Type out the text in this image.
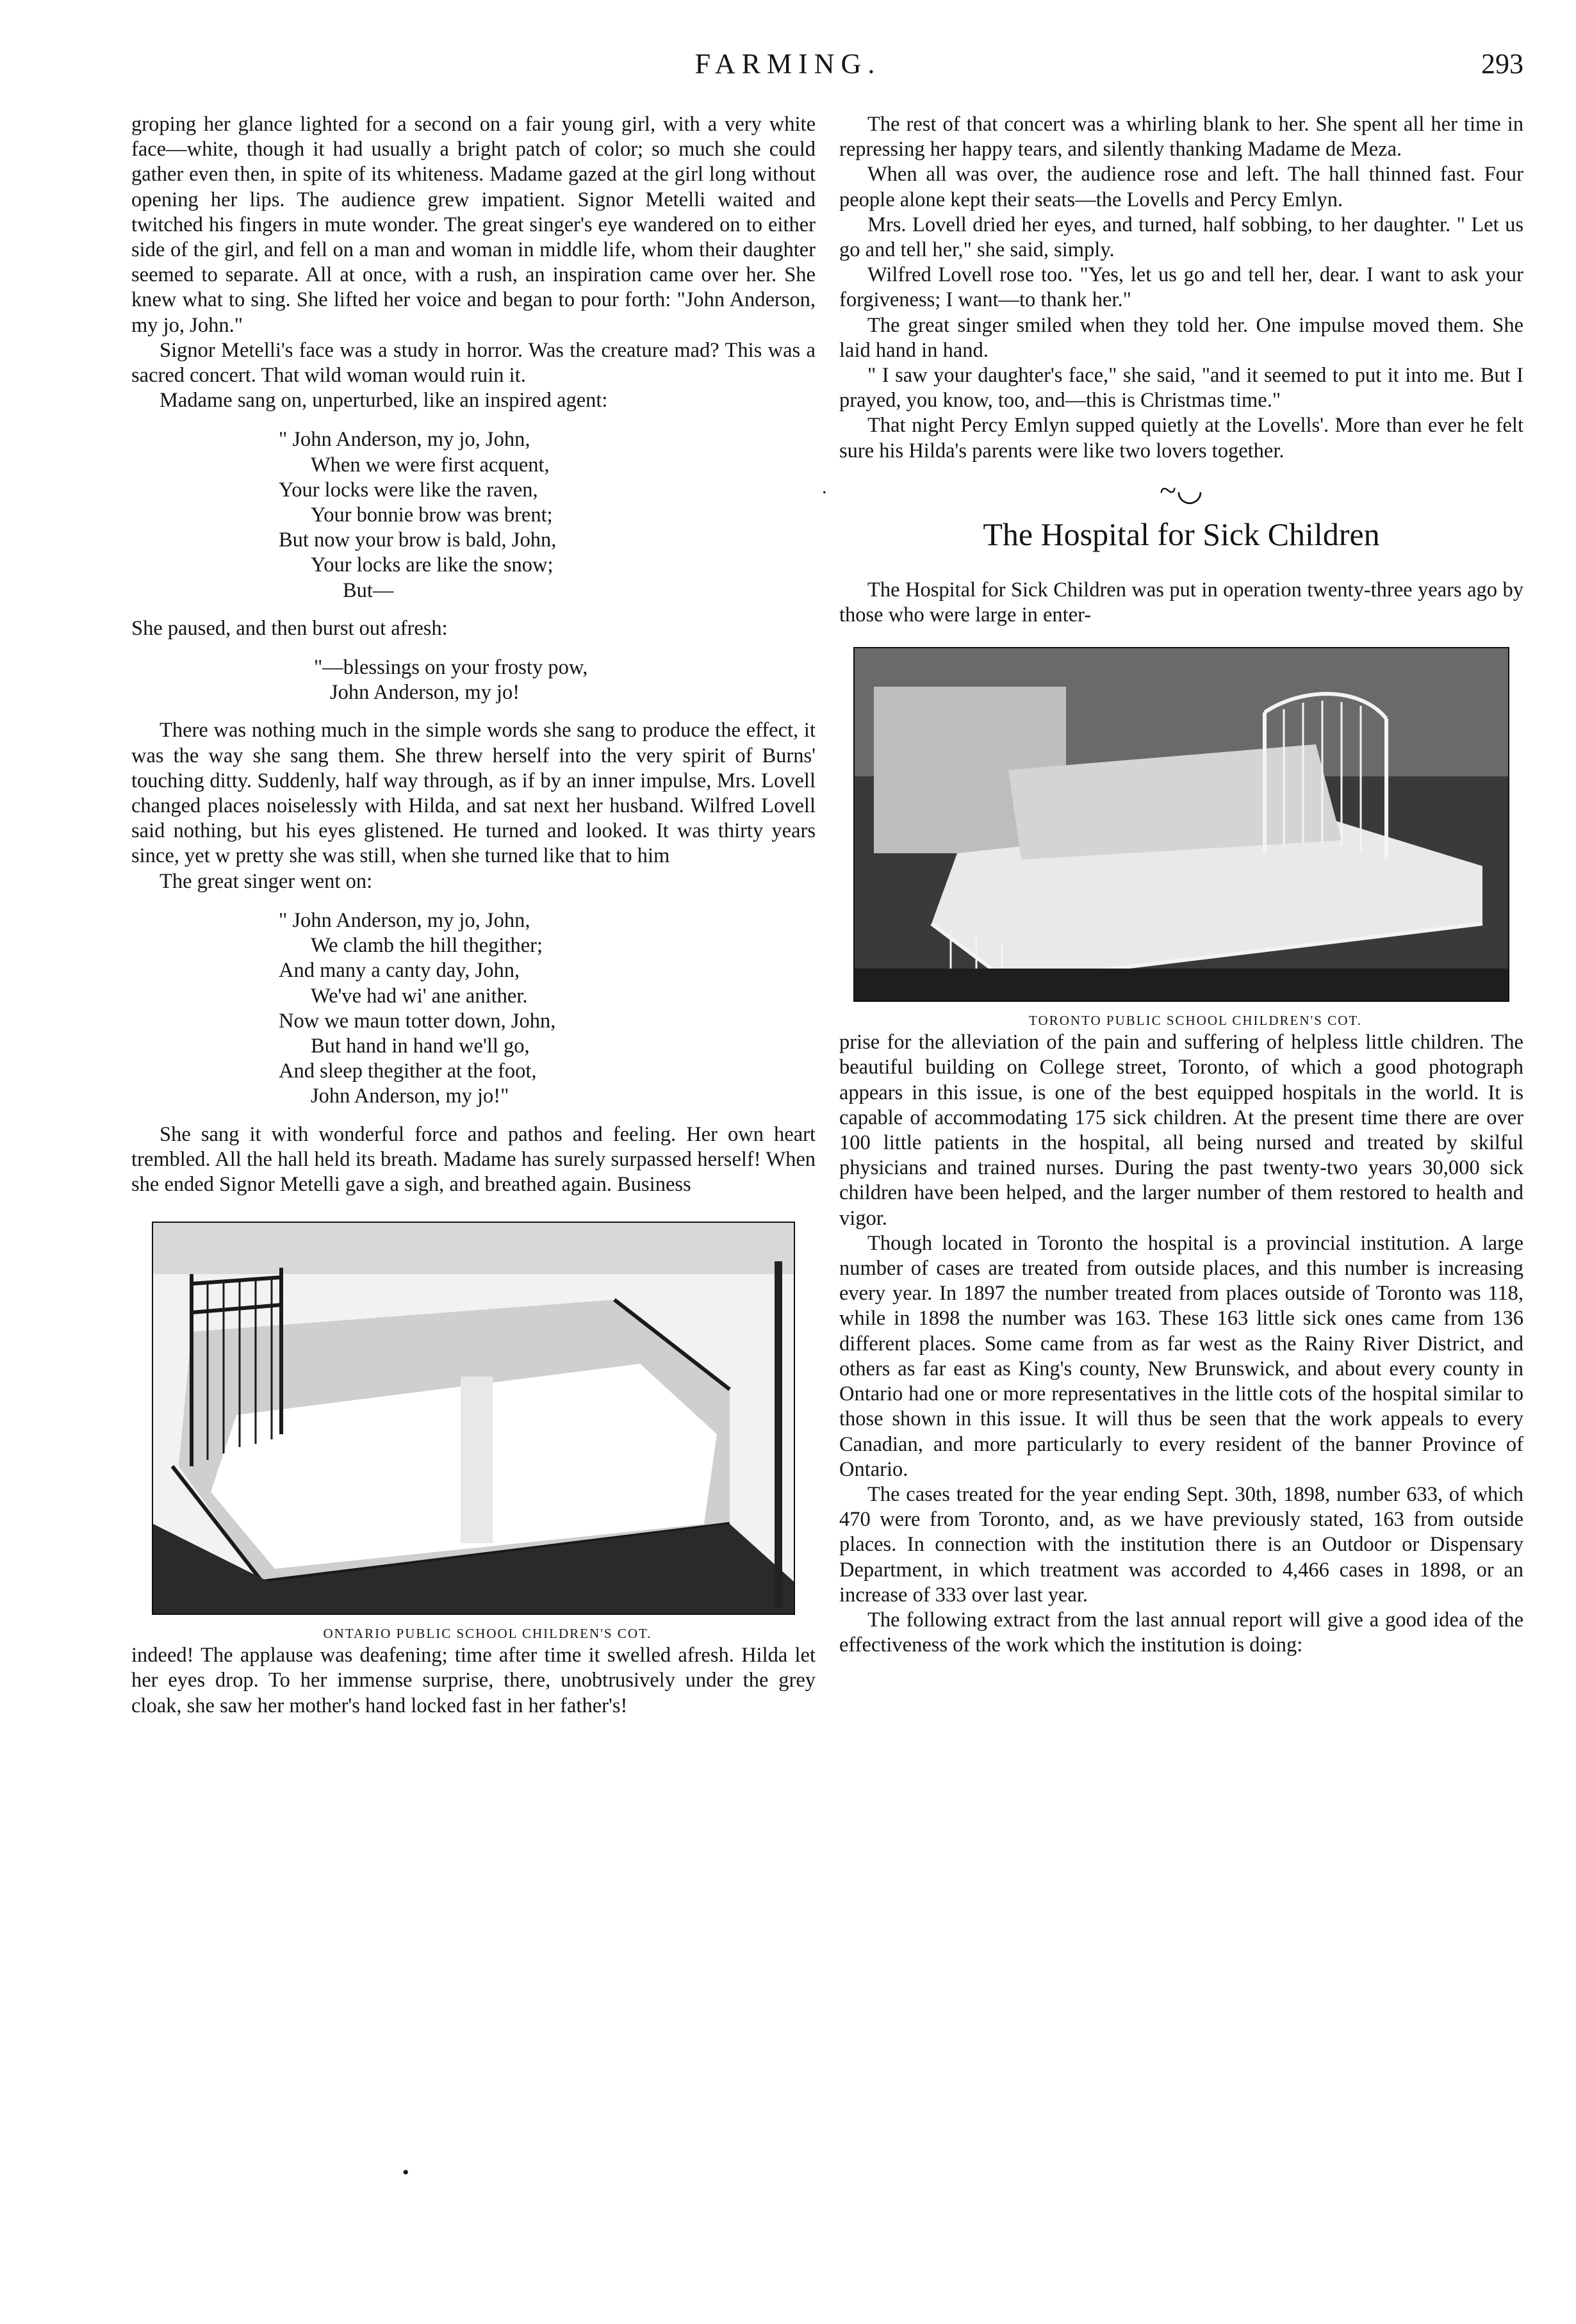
FARMING.	293

groping her glance lighted for a second on a fair young girl, with a very white face—white, though it had usually a bright patch of color; so much she could gather even then, in spite of its whiteness. Madame gazed at the girl long without opening her lips. The audience grew impatient. Signor Metelli waited and twitched his fingers in mute wonder. The great singer's eye wandered on to either side of the girl, and fell on a man and woman in middle life, whom their daughter seemed to separate. All at once, with a rush, an inspiration came over her. She knew what to sing. She lifted her voice and began to pour forth: "John Anderson, my jo, John."

Signor Metelli's face was a study in horror. Was the creature mad? This was a sacred concert. That wild woman would ruin it.

Madame sang on, unperturbed, like an inspired agent:

" John Anderson, my jo, John,
When we were first acquent,
Your locks were like the raven,
Your bonnie brow was brent;
But now your brow is bald, John,
Your locks are like the snow;
But—

She paused, and then burst out afresh:

"—blessings on your frosty pow,
John Anderson, my jo!

There was nothing much in the simple words she sang to produce the effect, it was the way she sang them. She threw herself into the very spirit of Burns' touching ditty. Suddenly, half way through, as if by an inner impulse, Mrs. Lovell changed places noiselessly with Hilda, and sat next her husband. Wilfred Lovell said nothing, but his eyes glistened. He turned and looked. It was thirty years since, yet w pretty she was still, when she turned like that to him

The great singer went on:

" John Anderson, my jo, John,
We clamb the hill thegither;
And many a canty day, John,
We've had wi' ane anither.
Now we maun totter down, John,
But hand in hand we'll go,
And sleep thegither at the foot,
John Anderson, my jo!"

She sang it with wonderful force and pathos and feeling. Her own heart trembled. All the hall held its breath. Madame has surely surpassed herself! When she ended Signor Metelli gave a sigh, and breathed again. Business

ONTARIO PUBLIC SCHOOL CHILDREN'S COT.

indeed! The applause was deafening; time after time it swelled afresh. Hilda let her eyes drop. To her immense surprise, there, unobtrusively under the grey cloak, she saw her mother's hand locked fast in her father's!

The rest of that concert was a whirling blank to her. She spent all her time in repressing her happy tears, and silently thanking Madame de Meza.

When all was over, the audience rose and left. The hall thinned fast. Four people alone kept their seats—the Lovells and Percy Emlyn.

Mrs. Lovell dried her eyes, and turned, half sobbing, to her daughter. " Let us go and tell her," she said, simply.

Wilfred Lovell rose too. "Yes, let us go and tell her, dear. I want to ask your forgiveness; I want—to thank her."

The great singer smiled when they told her. One impulse moved them. She laid hand in hand.

" I saw your daughter's face," she said, "and it seemed to put it into me. But I prayed, you know, too, and—this is Christmas time."

That night Percy Emlyn supped quietly at the Lovells'. More than ever he felt sure his Hilda's parents were like two lovers together.

~◡
The Hospital for Sick Children

The Hospital for Sick Children was put in operation twenty-three years ago by those who were large in enter-

TORONTO PUBLIC SCHOOL CHILDREN'S COT.

prise for the alleviation of the pain and suffering of helpless little children. The beautiful building on College street, Toronto, of which a good photograph appears in this issue, is one of the best equipped hospitals in the world. It is capable of accommodating 175 sick children. At the present time there are over 100 little patients in the hospital, all being nursed and treated by skilful physicians and trained nurses. During the past twenty-two years 30,000 sick children have been helped, and the larger number of them restored to health and vigor.

Though located in Toronto the hospital is a provincial institution. A large number of cases are treated from outside places, and this number is increasing every year. In 1897 the number treated from places outside of Toronto was 118, while in 1898 the number was 163. These 163 little sick ones came from 136 different places. Some came from as far west as the Rainy River District, and others as far east as King's county, New Brunswick, and about every county in Ontario had one or more representatives in the little cots of the hospital similar to those shown in this issue. It will thus be seen that the work appeals to every Canadian, and more particularly to every resident of the banner Province of Ontario.

The cases treated for the year ending Sept. 30th, 1898, number 633, of which 470 were from Toronto, and, as we have previously stated, 163 from outside places. In connection with the institution there is an Outdoor or Dispensary Department, in which treatment was accorded to 4,466 cases in 1898, or an increase of 333 over last year.

The following extract from the last annual report will give a good idea of the effectiveness of the work which the institution is doing:

.
•
